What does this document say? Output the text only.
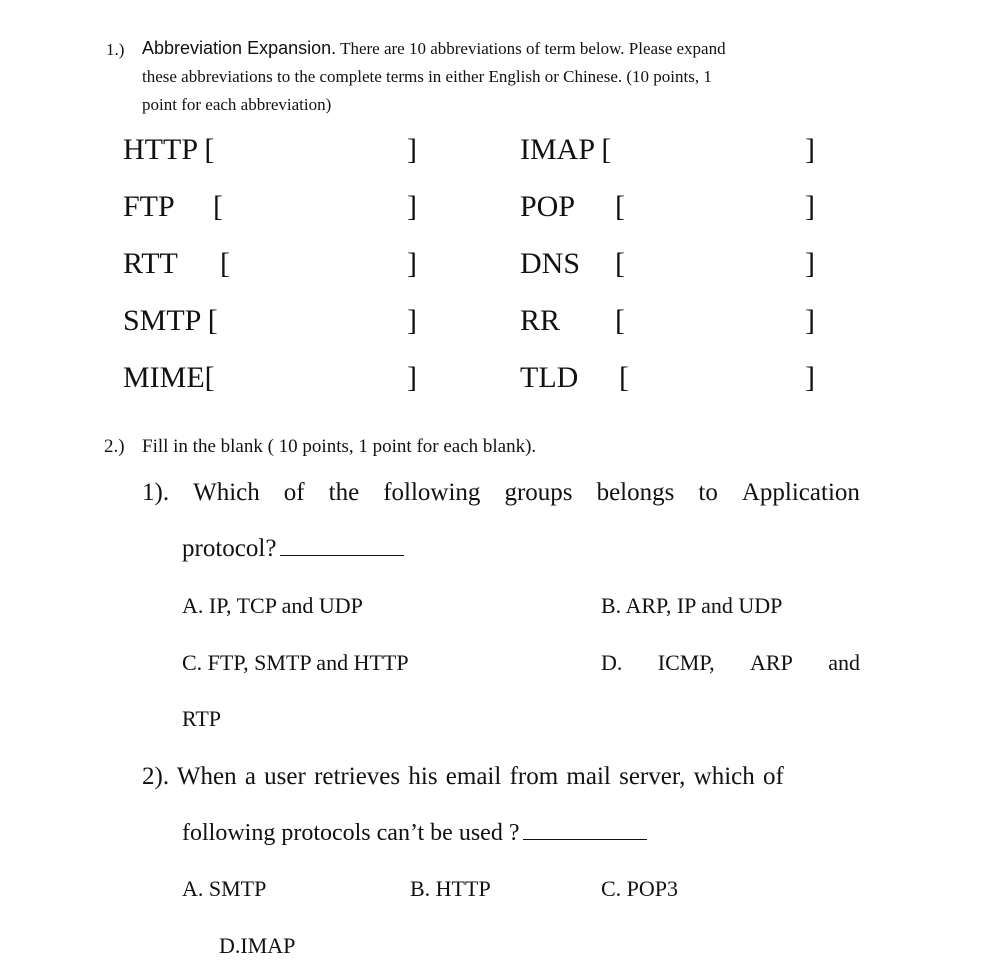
1.) Abbreviation Expansion. There are 10 abbreviations of term below. Please expand
these abbreviations to the complete terms in either English or Chinese. (10 points, 1
point for each abbreviation)
HTTP [	]
FTP [	]
RTT [	]
SMTP [	]
MIME[	]
IMAP [	]
POP [	]
DNS [	]
RR [	]
TLD [	]
2.) Fill in the blank ( 10 points, 1 point for each blank).
1). Which of the following groups belongs to Application
protocol?
A. IP, TCP and UDP	B. ARP, IP and UDP
C. FTP, SMTP and HTTP	D. ICMP, ARP and
RTP
2). When a user retrieves his email from mail server, which of
following protocols can’t be used ?
A. SMTP	B. HTTP	C. POP3
D.IMAP
